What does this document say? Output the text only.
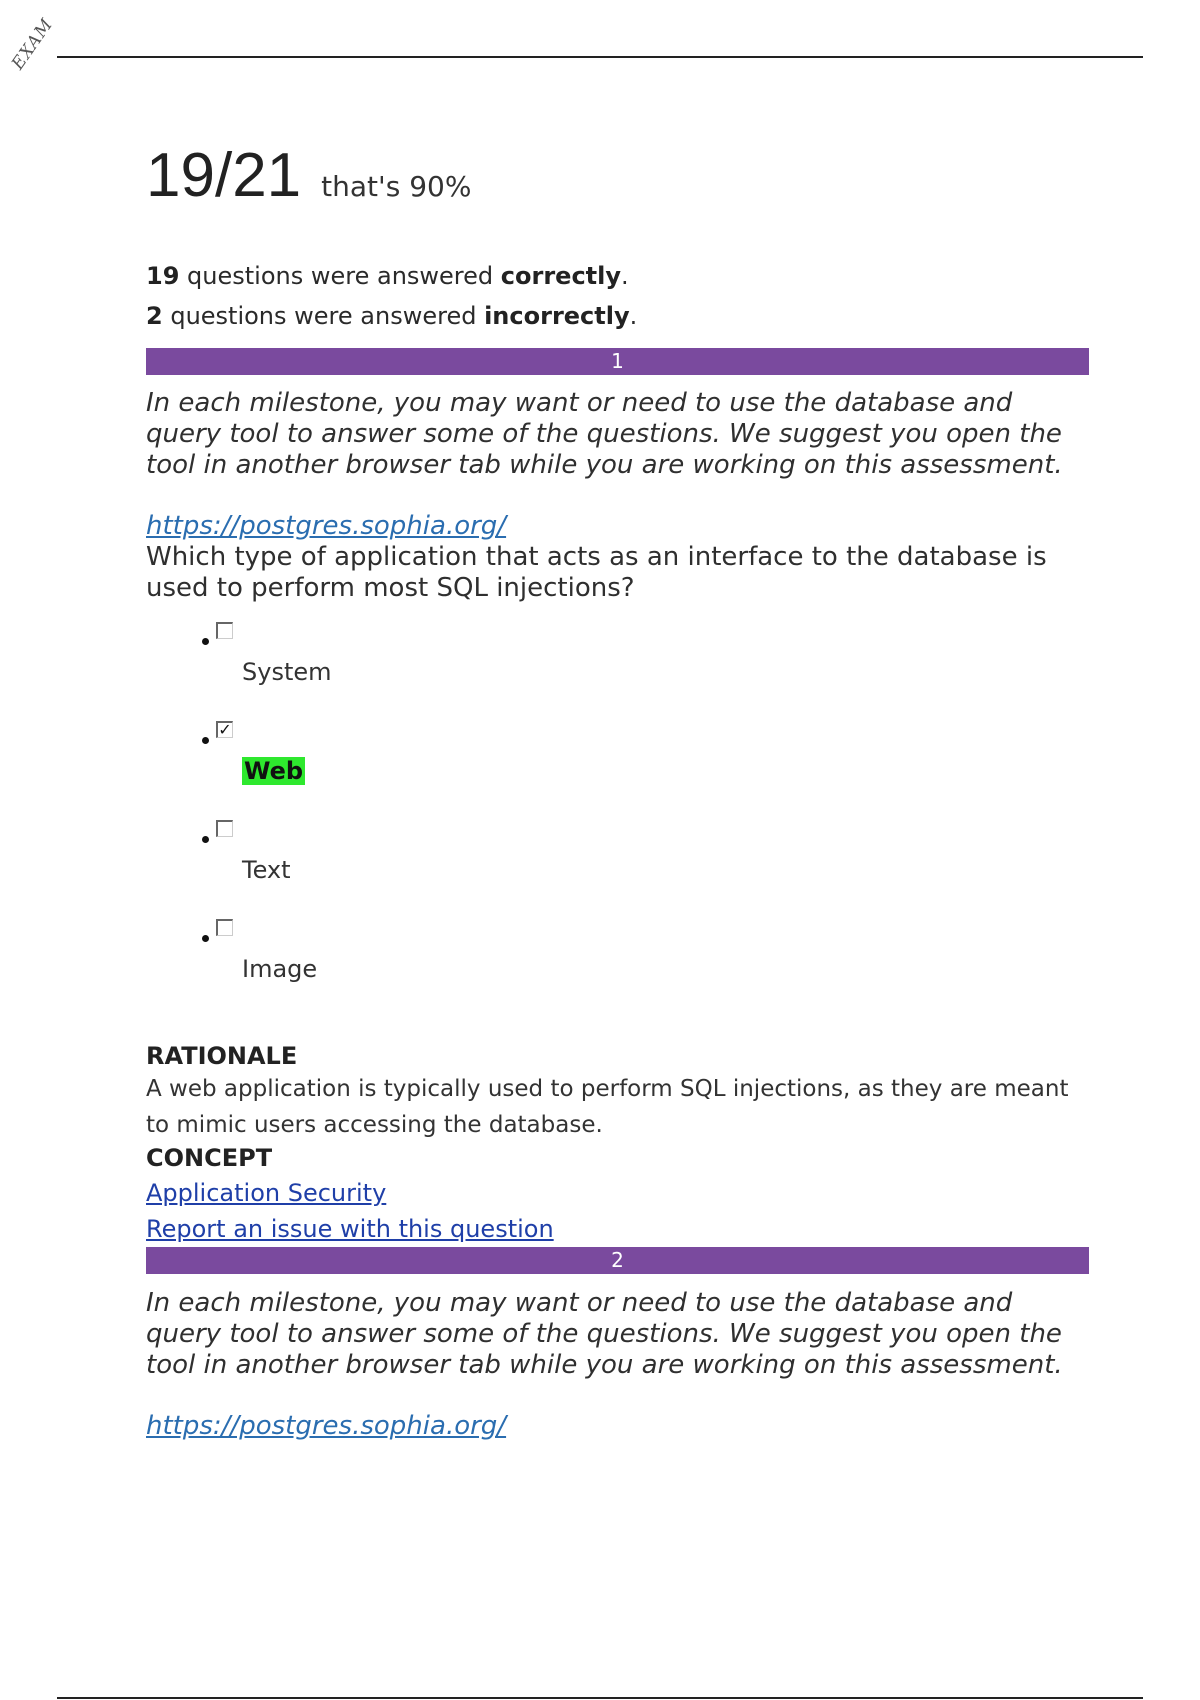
EXAM
19/21 that's 90%

19 questions were answered correctly.

2 questions were answered incorrectly.

1

In each milestone, you may want or need to use the database and query tool to answer some of the questions. We suggest you open the tool in another browser tab while you are working on this assessment.

https://postgres.sophia.org/

Which type of application that acts as an interface to the database is used to perform most SQL injections?

System
✓
Web
Text
Image

RATIONALE

A web application is typically used to perform SQL injections, as they are meant to mimic users accessing the database.

CONCEPT

Application Security
Report an issue with this question
2

In each milestone, you may want or need to use the database and query tool to answer some of the questions. We suggest you open the tool in another browser tab while you are working on this assessment.

https://postgres.sophia.org/
